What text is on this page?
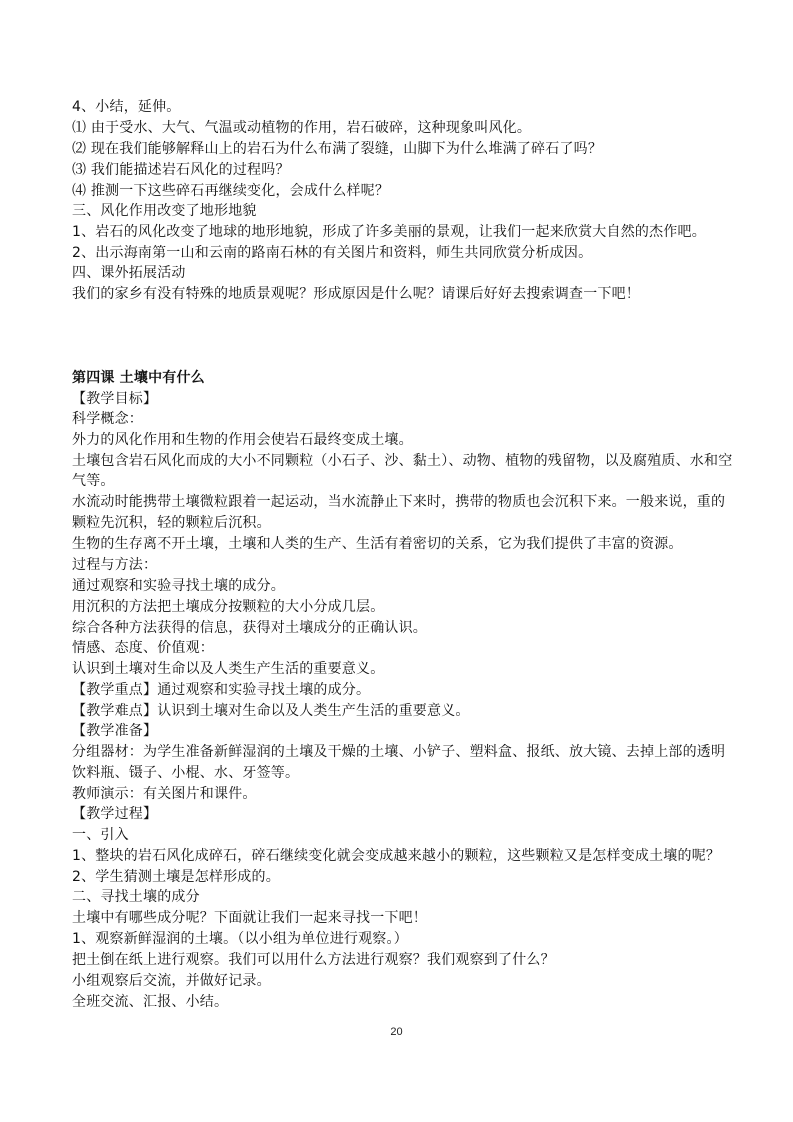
4、小结，延伸。
⑴ 由于受水、大气、气温或动植物的作用，岩石破碎，这种现象叫风化。
⑵ 现在我们能够解释山上的岩石为什么布满了裂缝，山脚下为什么堆满了碎石了吗？
⑶ 我们能描述岩石风化的过程吗？
⑷ 推测一下这些碎石再继续变化，会成什么样呢？
三、风化作用改变了地形地貌
1、岩石的风化改变了地球的地形地貌，形成了许多美丽的景观，让我们一起来欣赏大自然的杰作吧。
2、出示海南第一山和云南的路南石林的有关图片和资料，师生共同欣赏分析成因。
四、课外拓展活动
我们的家乡有没有特殊的地质景观呢？形成原因是什么呢？请课后好好去搜索调查一下吧！
第四课 土壤中有什么
【教学目标】
科学概念：
外力的风化作用和生物的作用会使岩石最终变成土壤。
土壤包含岩石风化而成的大小不同颗粒（小石子、沙、黏土）、动物、植物的残留物，以及腐殖质、水和空
气等。
水流动时能携带土壤微粒跟着一起运动，当水流静止下来时，携带的物质也会沉积下来。一般来说，重的
颗粒先沉积，轻的颗粒后沉积。
生物的生存离不开土壤，土壤和人类的生产、生活有着密切的关系，它为我们提供了丰富的资源。
过程与方法：
通过观察和实验寻找土壤的成分。
用沉积的方法把土壤成分按颗粒的大小分成几层。
综合各种方法获得的信息，获得对土壤成分的正确认识。
情感、态度、价值观：
认识到土壤对生命以及人类生产生活的重要意义。
【教学重点】通过观察和实验寻找土壤的成分。
【教学难点】认识到土壤对生命以及人类生产生活的重要意义。
【教学准备】
分组器材：为学生准备新鲜湿润的土壤及干燥的土壤、小铲子、塑料盒、报纸、放大镜、去掉上部的透明
饮料瓶、镊子、小棍、水、牙签等。
教师演示：有关图片和课件。
【教学过程】
一、引入
1、整块的岩石风化成碎石，碎石继续变化就会变成越来越小的颗粒，这些颗粒又是怎样变成土壤的呢？
2、学生猜测土壤是怎样形成的。
二、寻找土壤的成分
土壤中有哪些成分呢？下面就让我们一起来寻找一下吧！
1、观察新鲜湿润的土壤。（以小组为单位进行观察。）
把土倒在纸上进行观察。我们可以用什么方法进行观察？我们观察到了什么？
小组观察后交流，并做好记录。
全班交流、汇报、小结。
20
